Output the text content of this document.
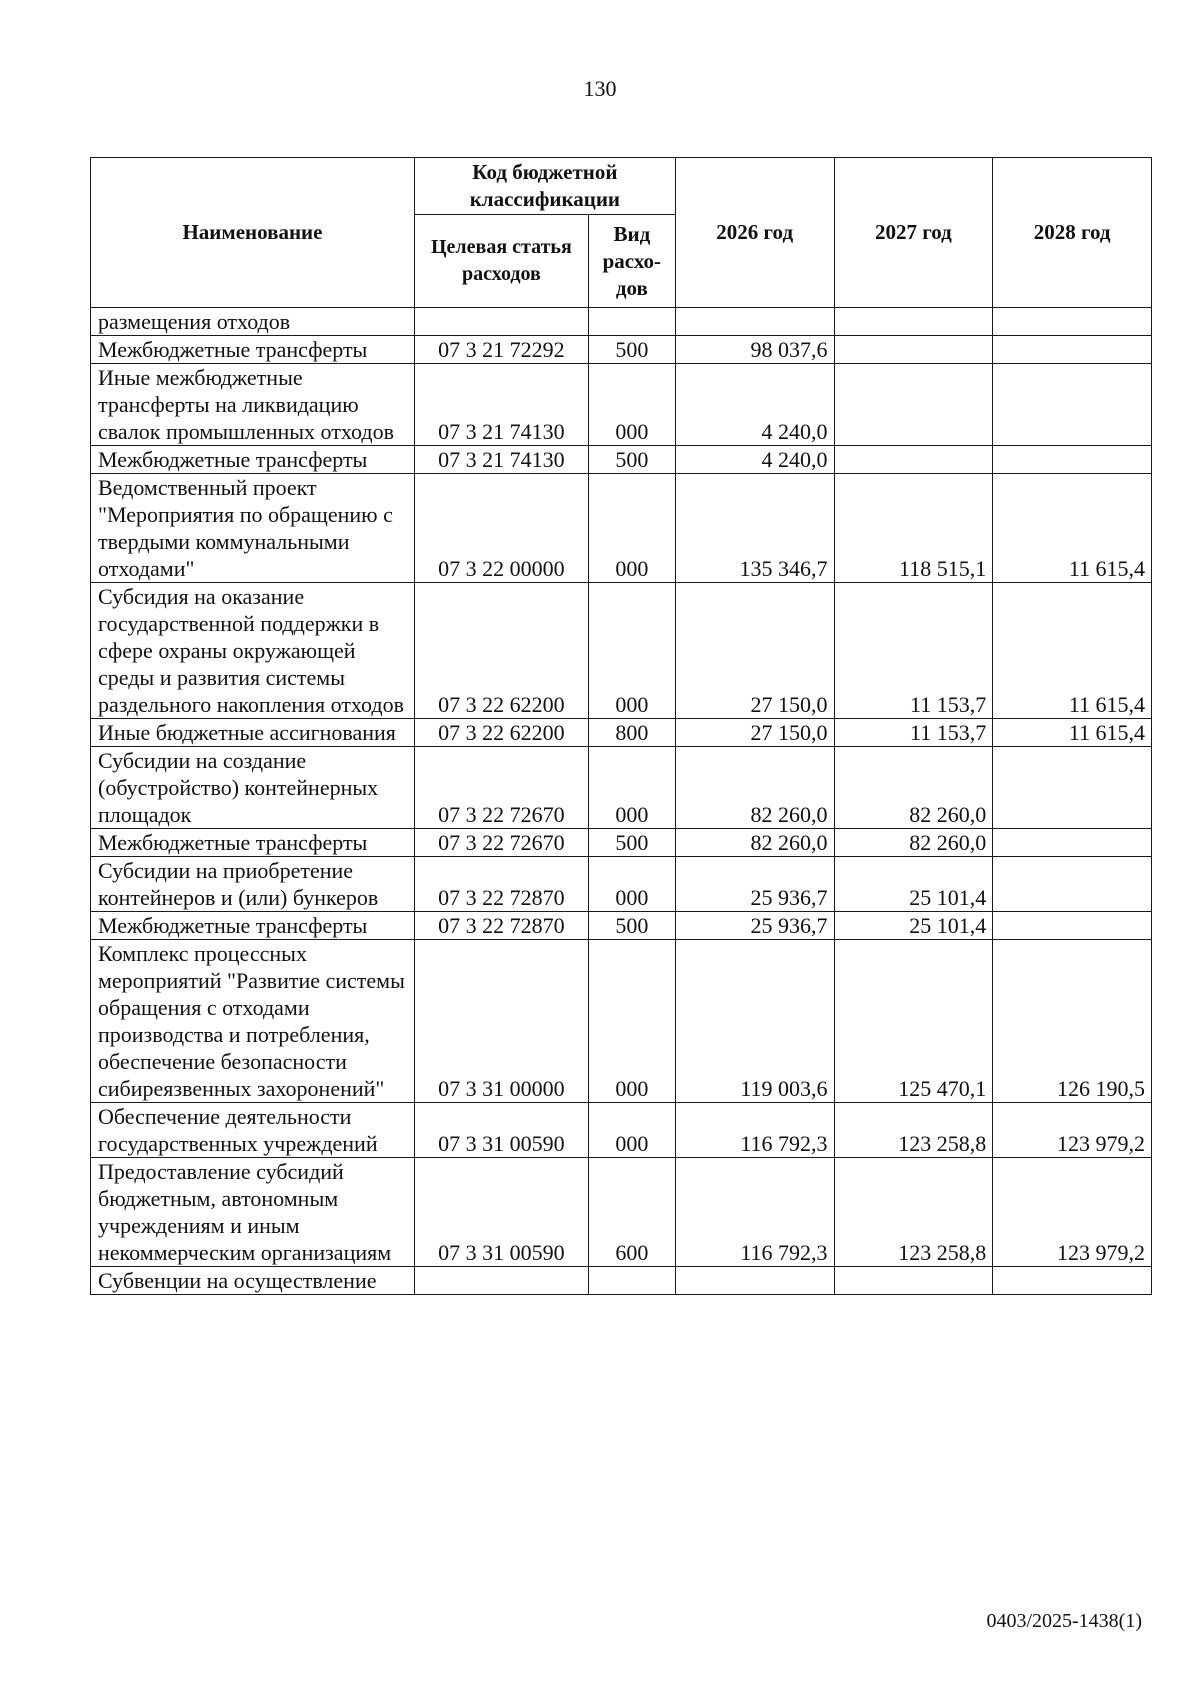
130
Наименование	Код бюджетной классификации		2026 год	2027 год	2028 год
	Целевая статья расходов	Вид расхо-дов			
размещения отходов					
Межбюджетные трансферты	07 3 21 72292	500	98 037,6		
Иные межбюджетные трансферты на ликвидацию свалок промышленных отходов	07 3 21 74130	000	4 240,0		
Межбюджетные трансферты	07 3 21 74130	500	4 240,0		
Ведомственный проект "Мероприятия по обращению с твердыми коммунальными отходами"	07 3 22 00000	000	135 346,7	118 515,1	11 615,4
Субсидия на оказание государственной поддержки в сфере охраны окружающей среды и развития системы раздельного накопления отходов	07 3 22 62200	000	27 150,0	11 153,7	11 615,4
Иные бюджетные ассигнования	07 3 22 62200	800	27 150,0	11 153,7	11 615,4
Субсидии на создание (обустройство) контейнерных площадок	07 3 22 72670	000	82 260,0	82 260,0	
Межбюджетные трансферты	07 3 22 72670	500	82 260,0	82 260,0	
Субсидии на приобретение контейнеров и (или) бункеров	07 3 22 72870	000	25 936,7	25 101,4	
Межбюджетные трансферты	07 3 22 72870	500	25 936,7	25 101,4	
Комплекс процессных мероприятий "Развитие системы обращения с отходами производства и потребления, обеспечение безопасности сибиреязвенных захоронений"	07 3 31 00000	000	119 003,6	125 470,1	126 190,5
Обеспечение деятельности государственных учреждений	07 3 31 00590	000	116 792,3	123 258,8	123 979,2
Предоставление субсидий бюджетным, автономным учреждениям и иным некоммерческим организациям	07 3 31 00590	600	116 792,3	123 258,8	123 979,2
Субвенции на осуществление					
0403/2025-1438(1)
